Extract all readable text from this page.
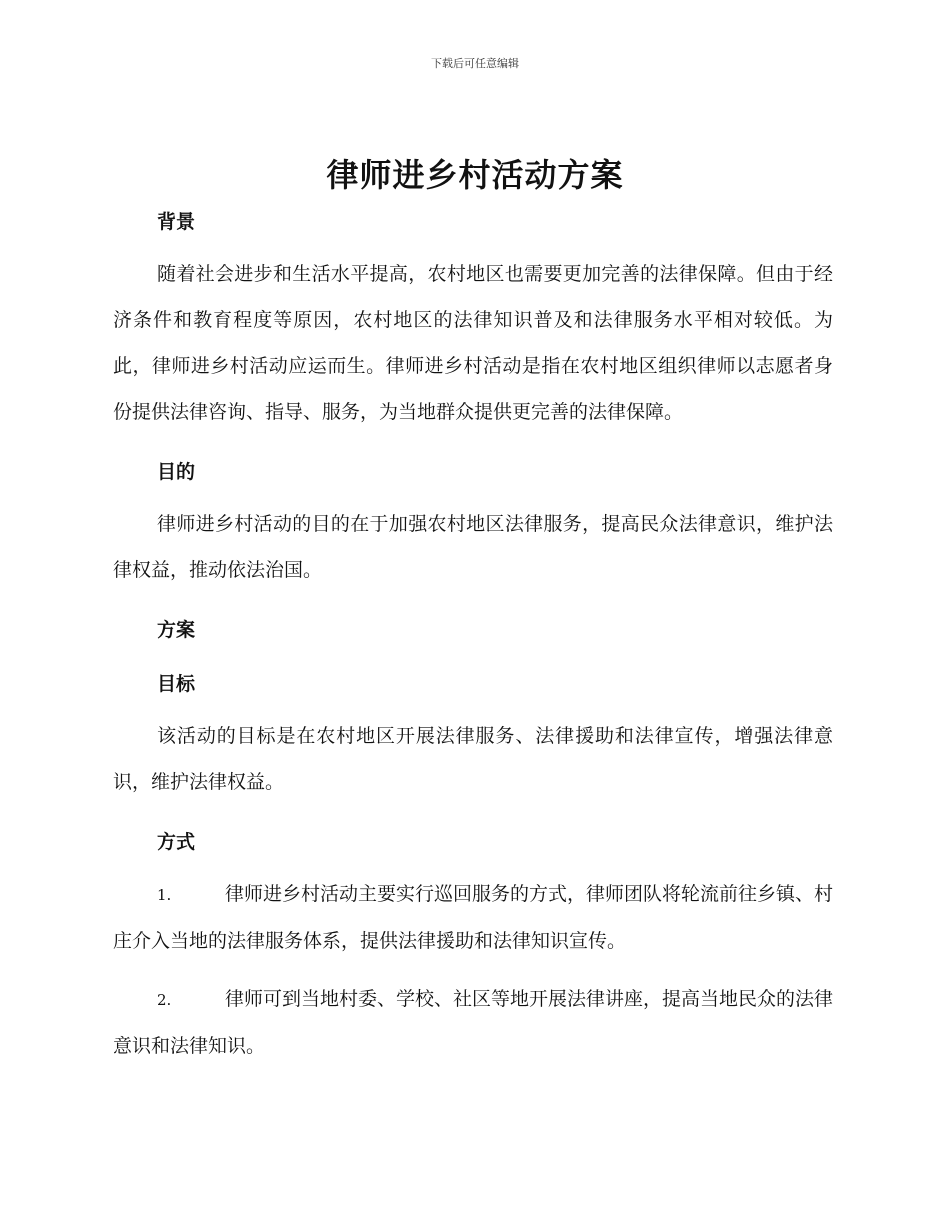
下载后可任意编辑
律师进乡村活动方案
背景

随着社会进步和生活水平提高，农村地区也需要更加完善的法律保障。但由于经济条件和教育程度等原因，农村地区的法律知识普及和法律服务水平相对较低。为此，律师进乡村活动应运而生。律师进乡村活动是指在农村地区组织律师以志愿者身份提供法律咨询、指导、服务，为当地群众提供更完善的法律保障。

目的

律师进乡村活动的目的在于加强农村地区法律服务，提高民众法律意识，维护法律权益，推动依法治国。

方案
目标

该活动的目标是在农村地区开展法律服务、法律援助和法律宣传，增强法律意识，维护法律权益。

方式

1.	律师进乡村活动主要实行巡回服务的方式，律师团队将轮流前往乡镇、村庄介入当地的法律服务体系，提供法律援助和法律知识宣传。

2.	律师可到当地村委、学校、社区等地开展法律讲座，提高当地民众的法律意识和法律知识。
